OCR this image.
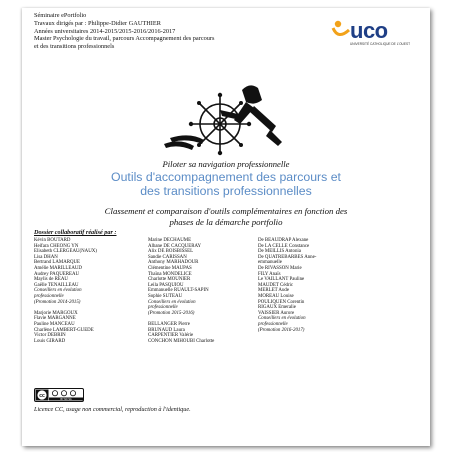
Séminaire ePortfolio
Travaux dirigés par : Philippe-Didier GAUTHIER
Années universitaires 2014-2015/2015-2016/2016-2017
Master Psychologie du travail, parcours Accompagnement des parcours
et des transitions professionnels
uco
UNIVERSITÉ CATHOLIQUE DE L'OUEST
Piloter sa navigation professionnelle
Outils d'accompagnement des parcours et
des transitions professionnelles
Classement et comparaison d'outils complémentaires en fonction des
phases de la démarche portfolio
Dossier collaboratif réalisé par :
Kévin BOUTARD
Heifara CHEONG YN
Elisabeth CLERGEAU(NAUX)
Lisa DHAN
Bertrand LAMARQUE
Amélie MARILLEAUD
Audrey PAQUEREAU
Maylis de REAU
Gaëlle TENAILLEAU
Conseillers en évolution
professionnelle
(Promotion 2014-2015)

Marjorie MARGOUX
Flavie MARGANNE
Pauline MANCEAU
Charlène LAMBERT-GUEDE
Victor DEBRIN
Louis GIRARD
Marine DECHAUME
Albane DE CACQUERAY
Alix DE BOISBISSEL
Sandie CARISSAN
Anthony MARHADOUR
Clémentine MAUPAS
Thaïna MONDELICE
Charlotte MOUNIER
Leila PASQUIOU
Emmanuelle RUAULT-SAPIN
Sophie SUTEAU
Conseillers en évolution
professionnelle
(Promotion 2015-2016)

BELLANGER Pierre
BRUNAUD Laura
CARPENTIER Valérie
CONCHON MIHOUBI Charlotte
De BEAUDRAP Alexane
De LA CELLE Constance
De MEILLIS Antonia
De QUATREBARBES Anne-
emmanuelle
De RIVASSON Marie
FILY Anaïs
Le VAILLANT Pauline
MAUDET Cédric
MERLET Aude
MOREAU Louise
POULIQUEN Corentin
RIGAUX Emeralie
VAISSIER Aurore
Conseillers en évolution
professionnelle
(Promotion 2016-2017)
cc
BY NC SA
Licence CC, usage non commercial, reproduction à l'identique.
